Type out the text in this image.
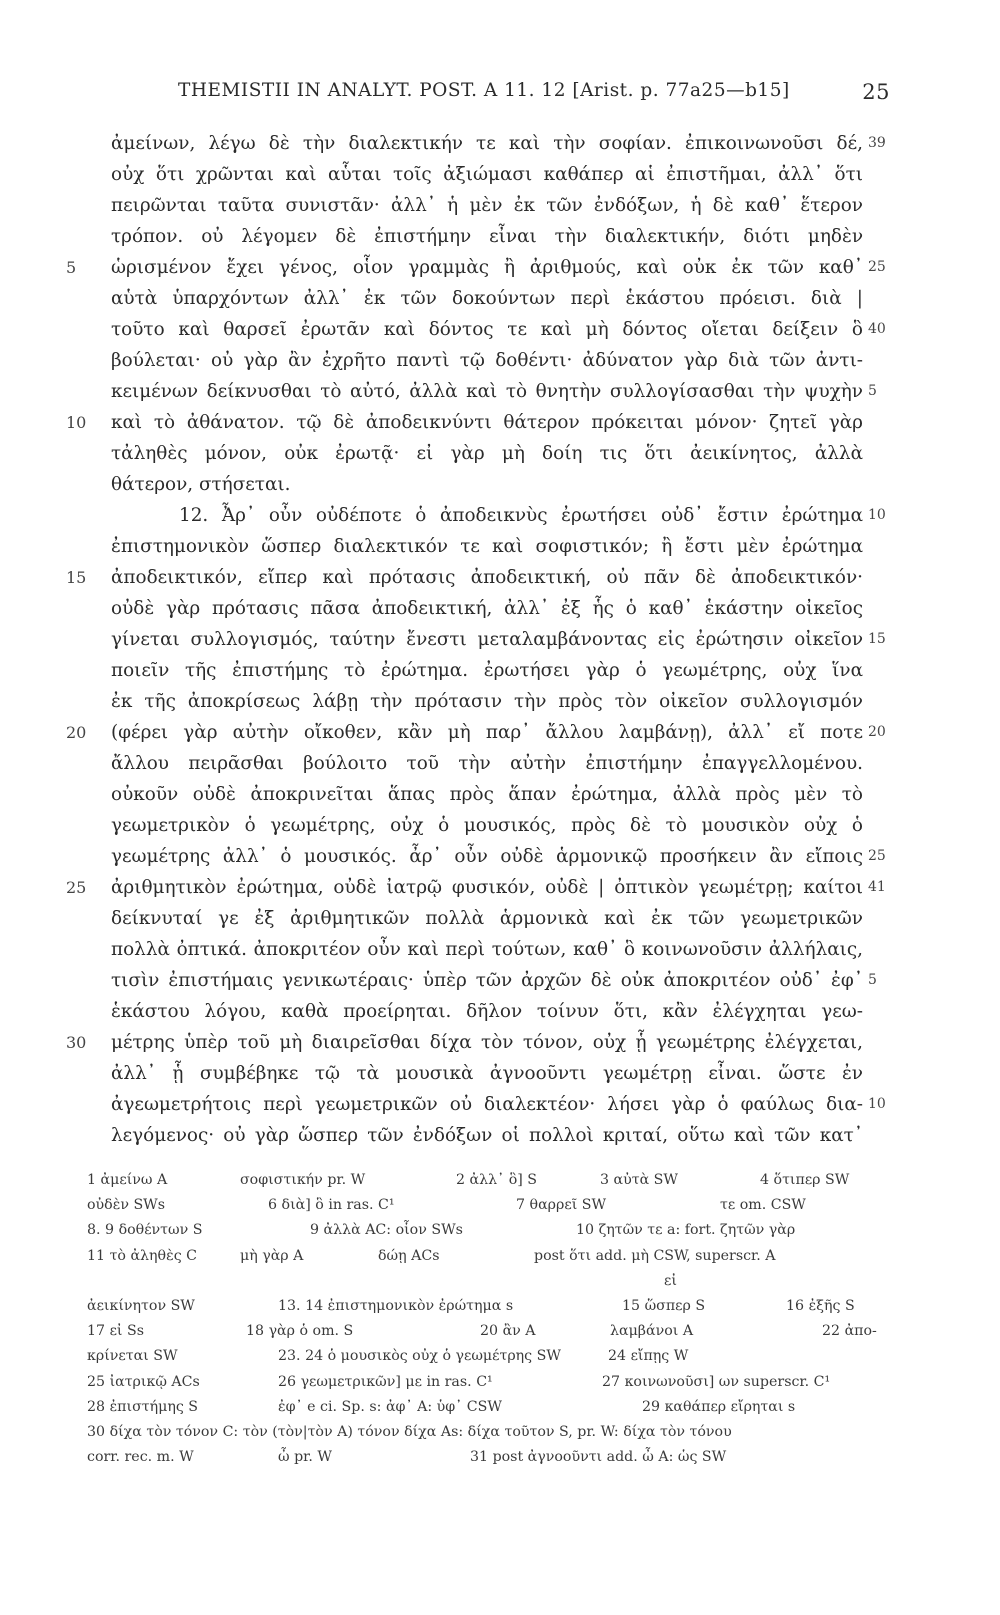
THEMISTII IN ANALYT. POST. A 11. 12 [Arist. p. 77a25—b15]	25
ἀμείνων, λέγω δὲ τὴν διαλεκτικήν τε καὶ τὴν σοφίαν. ἐπικοινωνοῦσι δέ, 39
οὐχ ὅτι χρῶνται καὶ αὗται τοῖς ἀξιώμασι καθάπερ αἱ ἐπιστῆμαι, ἀλλ᾽ ὅτι
πειρῶνται ταῦτα συνιστᾶν· ἀλλ᾽ ἡ μὲν ἐκ τῶν ἐνδόξων, ἡ δὲ καθ᾽ ἕτερον
τρόπον. οὐ λέγομεν δὲ ἐπιστήμην εἶναι τὴν διαλεκτικήν, διότι μηδὲν
5	ὡρισμένον ἔχει γένος, οἷον γραμμὰς ἢ ἀριθμούς, καὶ οὐκ ἐκ τῶν καθ᾽ 25
αὑτὰ ὑπαρχόντων ἀλλ᾽ ἐκ τῶν δοκούντων περὶ ἑκάστου πρόεισι. διὰ |
τοῦτο καὶ θαρσεῖ ἐρωτᾶν καὶ δόντος τε καὶ μὴ δόντος οἴεται δείξειν ὃ 40
βούλεται· οὐ γὰρ ἂν ἐχρῆτο παντὶ τῷ δοθέντι· ἀδύνατον γὰρ διὰ τῶν ἀντι-
κειμένων δείκνυσθαι τὸ αὐτό, ἀλλὰ καὶ τὸ θνητὴν συλλογίσασθαι τὴν ψυχὴν 5
10	καὶ τὸ ἀθάνατον. τῷ δὲ ἀποδεικνύντι θάτερον πρόκειται μόνον· ζητεῖ γὰρ
τἀληθὲς μόνον, οὐκ ἐρωτᾷ· εἰ γὰρ μὴ δοίη τις ὅτι ἀεικίνητος, ἀλλὰ
θάτερον, στήσεται.
12. Ἆρ᾽ οὖν οὐδέποτε ὁ ἀποδεικνὺς ἐρωτήσει οὐδ᾽ ἔστιν ἐρώτημα 10
ἐπιστημονικὸν ὥσπερ διαλεκτικόν τε καὶ σοφιστικόν; ἢ ἔστι μὲν ἐρώτημα
15	ἀποδεικτικόν, εἴπερ καὶ πρότασις ἀποδεικτική, οὐ πᾶν δὲ ἀποδεικτικόν·
οὐδὲ γὰρ πρότασις πᾶσα ἀποδεικτική, ἀλλ᾽ ἐξ ἧς ὁ καθ᾽ ἑκάστην οἰκεῖος
γίνεται συλλογισμός, ταύτην ἔνεστι μεταλαμβάνοντας εἰς ἐρώτησιν οἰκεῖον 15
ποιεῖν τῆς ἐπιστήμης τὸ ἐρώτημα. ἐρωτήσει γὰρ ὁ γεωμέτρης, οὐχ ἵνα
ἐκ τῆς ἀποκρίσεως λάβῃ τὴν πρότασιν τὴν πρὸς τὸν οἰκεῖον συλλογισμόν
20	(φέρει γὰρ αὐτὴν οἴκοθεν, κἂν μὴ παρ᾽ ἄλλου λαμβάνῃ), ἀλλ᾽ εἴ ποτε 20
ἄλλου πειρᾶσθαι βούλοιτο τοῦ τὴν αὐτὴν ἐπιστήμην ἐπαγγελλομένου.
οὐκοῦν οὐδὲ ἀποκρινεῖται ἅπας πρὸς ἅπαν ἐρώτημα, ἀλλὰ πρὸς μὲν τὸ
γεωμετρικὸν ὁ γεωμέτρης, οὐχ ὁ μουσικός, πρὸς δὲ τὸ μουσικὸν οὐχ ὁ
γεωμέτρης ἀλλ᾽ ὁ μουσικός. ἆρ᾽ οὖν οὐδὲ ἁρμονικῷ προσήκειν ἂν εἴποις 25
25	ἀριθμητικὸν ἐρώτημα, οὐδὲ ἰατρῷ φυσικόν, οὐδὲ | ὀπτικὸν γεωμέτρῃ; καίτοι 41
δείκνυταί γε ἐξ ἀριθμητικῶν πολλὰ ἁρμονικὰ καὶ ἐκ τῶν γεωμετρικῶν
πολλὰ ὀπτικά. ἀποκριτέον οὖν καὶ περὶ τούτων, καθ᾽ ὃ κοινωνοῦσιν ἀλλήλαις,
τισὶν ἐπιστήμαις γενικωτέραις· ὑπὲρ τῶν ἀρχῶν δὲ οὐκ ἀποκριτέον οὐδ᾽ ἐφ᾽ 5
ἑκάστου λόγου, καθὰ προείρηται. δῆλον τοίνυν ὅτι, κἂν ἐλέγχηται γεω-
30	μέτρης ὑπὲρ τοῦ μὴ διαιρεῖσθαι δίχα τὸν τόνον, οὐχ ᾗ γεωμέτρης ἐλέγχεται,
ἀλλ᾽ ᾗ συμβέβηκε τῷ τὰ μουσικὰ ἀγνοοῦντι γεωμέτρῃ εἶναι. ὥστε ἐν
ἀγεωμετρήτοις περὶ γεωμετρικῶν οὐ διαλεκτέον· λήσει γὰρ ὁ φαύλως δια- 10
λεγόμενος· οὐ γὰρ ὥσπερ τῶν ἐνδόξων οἱ πολλοὶ κριταί, οὕτω καὶ τῶν κατ᾽
1 ἀμείνω A	σοφιστικήν pr. W	2 ἀλλ᾽ ὃ] S	3 αὐτὰ SW	4 ὅτιπερ SW
οὐδὲν SWs	6 διὰ] ὃ in ras. C¹	7 θαρρεῖ SW	τε om. CSW
8. 9 δοθέντων S	9 ἀλλὰ AC: οἷον SWs	10 ζητῶν τε a: fort. ζητῶν γὰρ
11 τὸ ἀληθὲς C	μὴ γὰρ A	δώῃ ACs	post ὅτι add. μὴ CSW, superscr. A
εἰ
ἀεικίνητον SW	13. 14 ἐπιστημονικὸν ἐρώτημα s	15 ὥσπερ S	16 ἐξῆς S
17 εἰ Ss	18 γὰρ ὁ om. S	20 ἂν A	λαμβάνοι A	22 ἀπο-
κρίνεται SW	23. 24 ὁ μουσικὸς οὐχ ὁ γεωμέτρης SW	24 εἴπῃς W
25 ἰατρικῷ ACs	26 γεωμετρικῶν] με in ras. C¹	27 κοινωνοῦσι] ων superscr. C¹
28 ἐπιστήμης S	ἐφ᾽ e ci. Sp. s: ἀφ᾽ A: ὑφ᾽ CSW	29 καθάπερ εἴρηται s
30 δίχα τὸν τόνον C: τὸν (τὸν|τὸν A) τόνον δίχα As: δίχα τοῦτον S, pr. W: δίχα τὸν τόνου
corr. rec. m. W	ὦ pr. W	31 post ἀγνοοῦντι add. ὦ A: ὡς SW
